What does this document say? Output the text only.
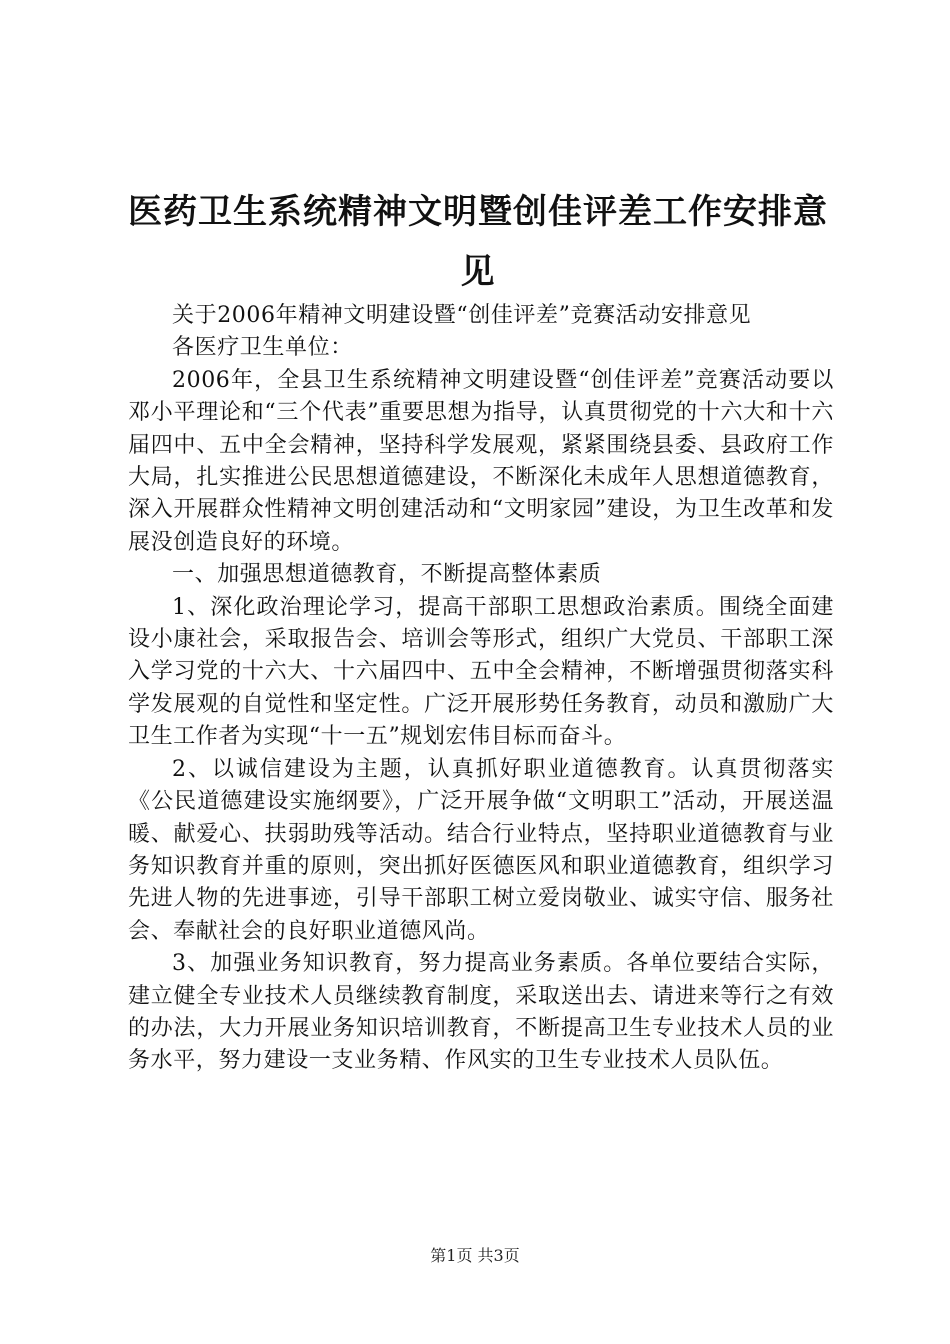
医药卫生系统精神文明暨创佳评差工作安排意见

关于2006年精神文明建设暨“创佳评差”竞赛活动安排意见

各医疗卫生单位：

2006年，全县卫生系统精神文明建设暨“创佳评差”竞赛活动要以邓小平理论和“三个代表”重要思想为指导，认真贯彻党的十六大和十六届四中、五中全会精神，坚持科学发展观，紧紧围绕县委、县政府工作大局，扎实推进公民思想道德建设，不断深化未成年人思想道德教育，深入开展群众性精神文明创建活动和“文明家园”建设，为卫生改革和发展没创造良好的环境。

一、加强思想道德教育，不断提高整体素质

1、深化政治理论学习，提高干部职工思想政治素质。围绕全面建设小康社会，采取报告会、培训会等形式，组织广大党员、干部职工深入学习党的十六大、十六届四中、五中全会精神，不断增强贯彻落实科学发展观的自觉性和坚定性。广泛开展形势任务教育，动员和激励广大卫生工作者为实现“十一五”规划宏伟目标而奋斗。

2、以诚信建设为主题，认真抓好职业道德教育。认真贯彻落实《公民道德建设实施纲要》，广泛开展争做“文明职工”活动，开展送温暖、献爱心、扶弱助残等活动。结合行业特点，坚持职业道德教育与业务知识教育并重的原则，突出抓好医德医风和职业道德教育，组织学习先进人物的先进事迹，引导干部职工树立爱岗敬业、诚实守信、服务社会、奉献社会的良好职业道德风尚。

3、加强业务知识教育，努力提高业务素质。各单位要结合实际，建立健全专业技术人员继续教育制度，采取送出去、请进来等行之有效的办法，大力开展业务知识培训教育，不断提高卫生专业技术人员的业务水平，努力建设一支业务精、作风实的卫生专业技术人员队伍。

第1页 共3页
